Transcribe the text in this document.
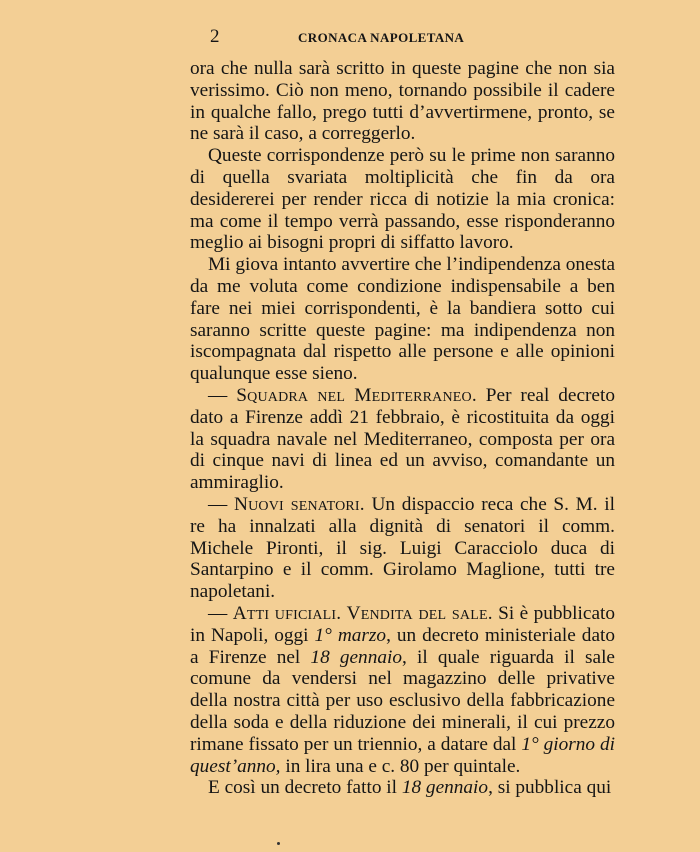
2	CRONACA NAPOLETANA

ora che nulla sarà scritto in queste pagine che non sia verissimo. Ciò non meno, tornando possibile il cadere in qualche fallo, prego tutti d’avvertirmene, pronto, se ne sarà il caso, a correggerlo.

Queste corrispondenze però su le prime non saranno di quella svariata moltiplicità che fin da ora desidererei per render ricca di notizie la mia cronica: ma come il tempo verrà passando, esse risponderanno meglio ai bisogni propri di siffatto lavoro.

Mi giova intanto avvertire che l’indipendenza onesta da me voluta come condizione indispensabile a ben fare nei miei corrispondenti, è la bandiera sotto cui saranno scritte queste pagine: ma indipendenza non iscompagnata dal rispetto alle persone e alle opinioni qualunque esse sieno.

— Squadra nel Mediterraneo. Per real decreto dato a Firenze addì 21 febbraio, è ricostituita da oggi la squadra navale nel Mediterraneo, composta per ora di cinque navi di linea ed un avviso, comandante un ammiraglio.

— Nuovi senatori. Un dispaccio reca che S. M. il re ha innalzati alla dignità di senatori il comm. Michele Pironti, il sig. Luigi Caracciolo duca di Santarpino e il comm. Girolamo Maglione, tutti tre napoletani.

— Atti uficiali. Vendita del sale. Si è pubblicato in Napoli, oggi 1° marzo, un decreto ministeriale dato a Firenze nel 18 gennaio, il quale riguarda il sale comune da vendersi nel magazzino delle privative della nostra città per uso esclusivo della fabbricazione della soda e della riduzione dei minerali, il cui prezzo rimane fissato per un triennio, a datare dal 1° giorno di quest’anno, in lira una e c. 80 per quintale.

E così un decreto fatto il 18 gennaio, si pubblica qui
